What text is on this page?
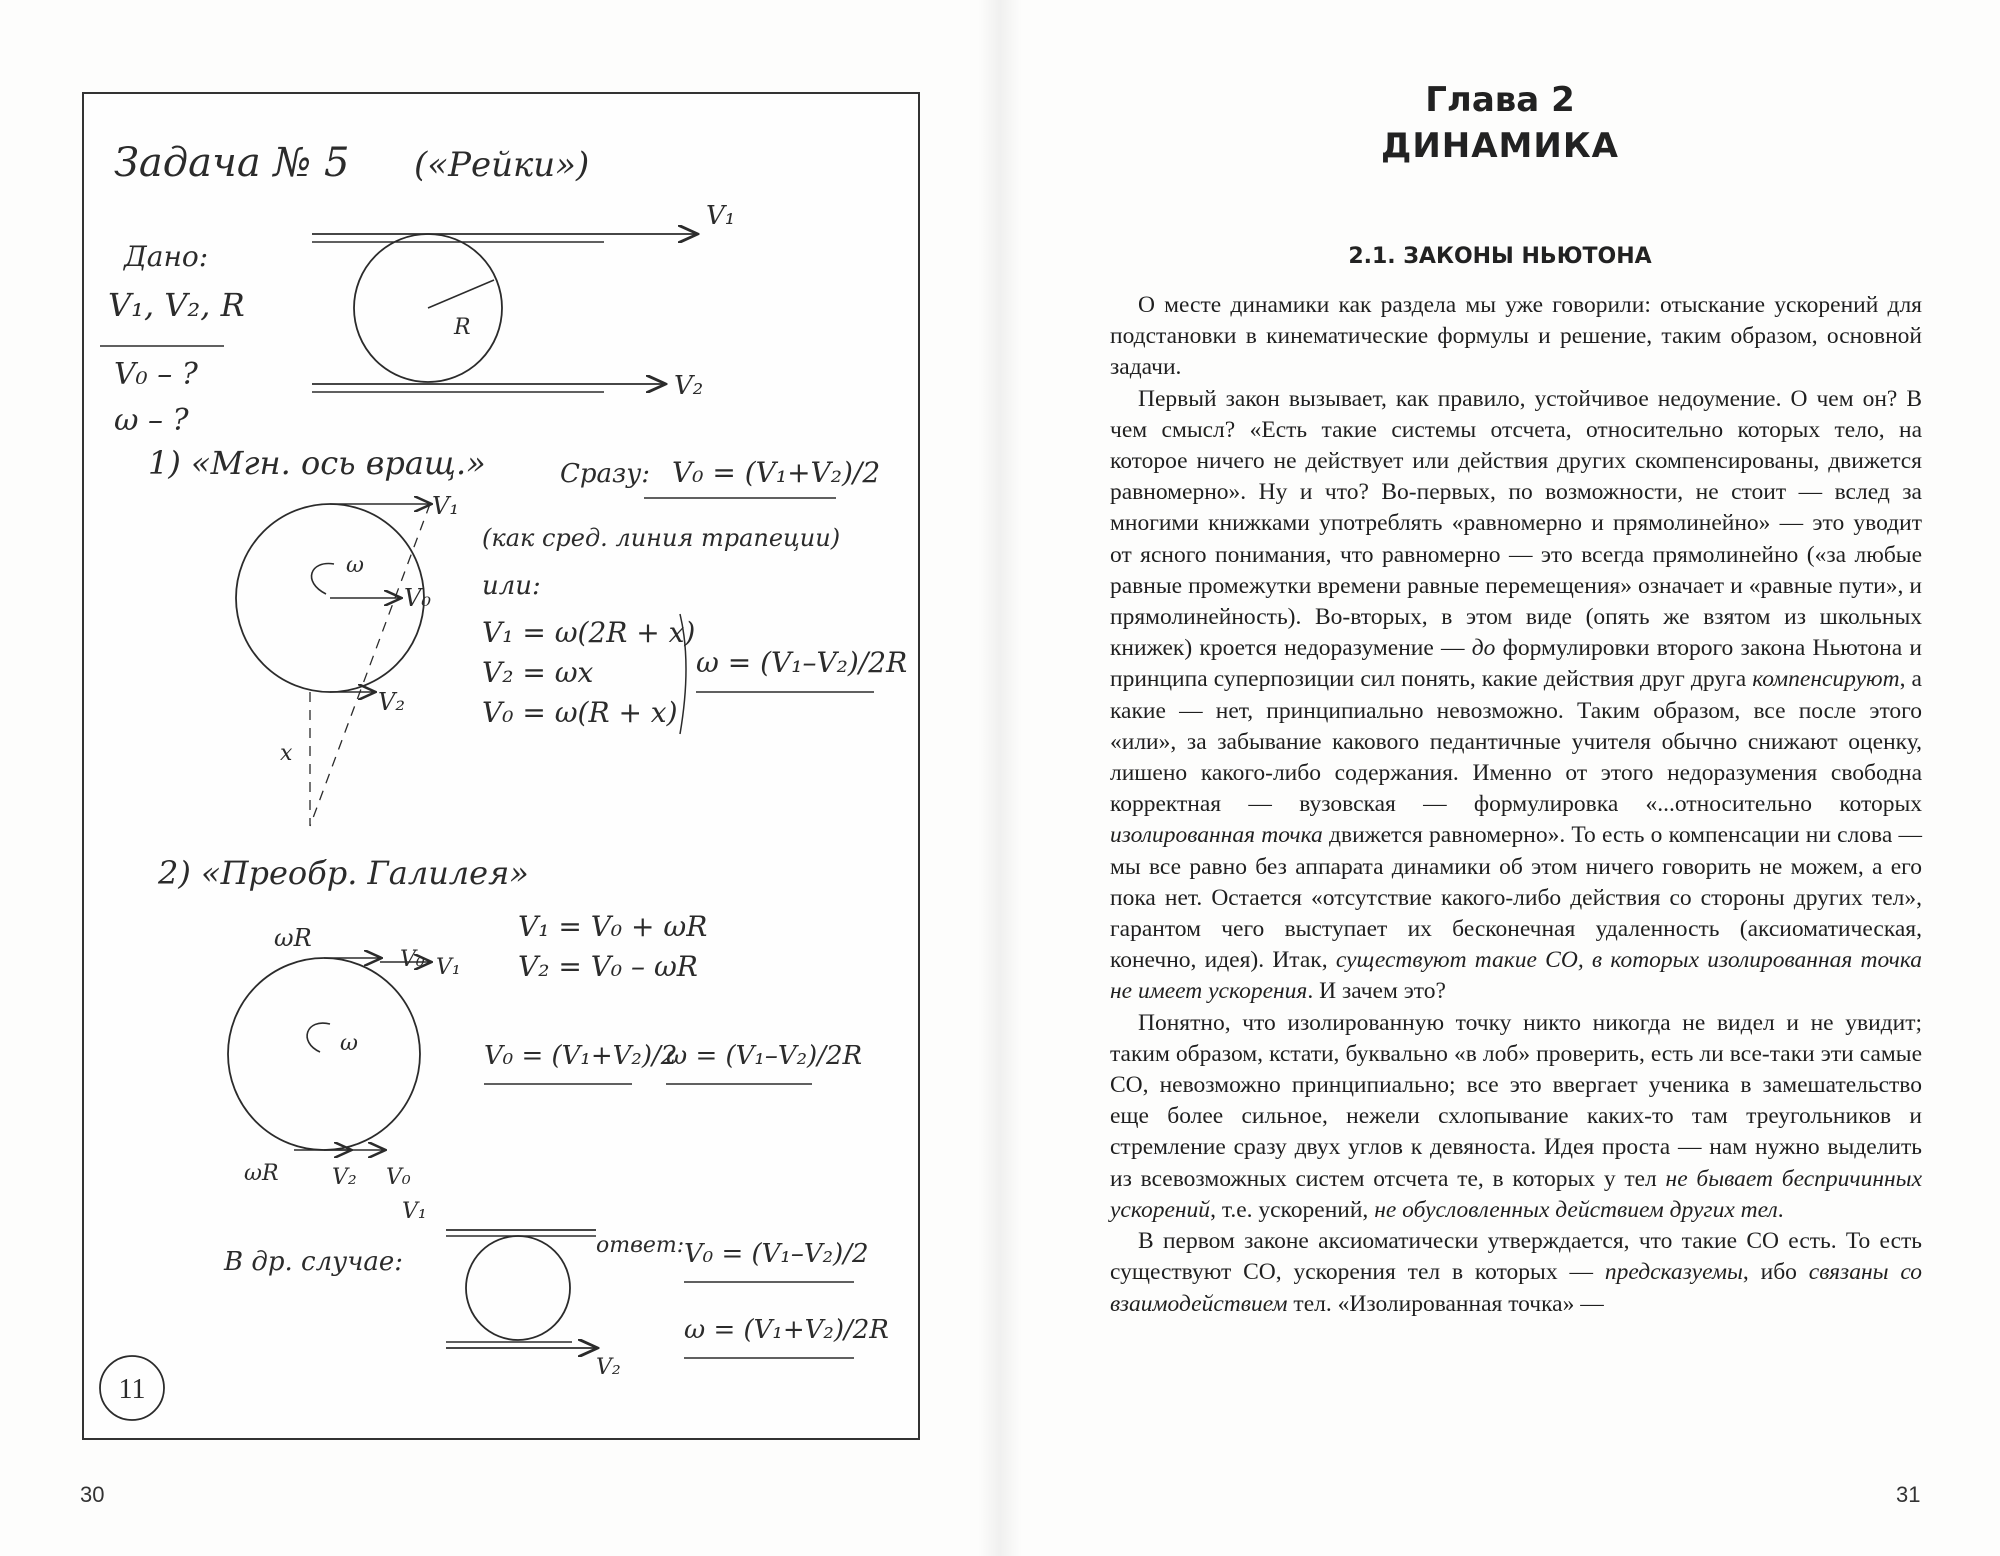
Задача № 5 («Рейки»)
Дано:
V₁, V₂, R
V₀ – ?
ω – ?
V₁
V₂
R
1) «Мгн. ось вращ.»	Сразу: V₀ = (V₁+V₂)/2
(как сред. линия трапеции)
или:
V₁
V₀
V₂
ω
x
V₁ = ω(2R + x)
V₂ = ωx
V₀ = ω(R + x)
ω = (V₁–V₂)/2R
2) «Преобр. Галилея»
ωR
V₀ V₁
ω
ωR V₂ V₀
V₁ = V₀ + ωR
V₂ = V₀ – ωR
V₀ = (V₁+V₂)/2
ω = (V₁–V₂)/2R
В др. случае:
V₁
V₂
ответ: V₀ = (V₁–V₂)/2
ω = (V₁+V₂)/2R
11
30
Глава 2
ДИНАМИКА
2.1. ЗАКОНЫ НЬЮТОНА

О месте динамики как раздела мы уже говорили: отыскание ускорений для подстановки в кинематические формулы и решение, таким образом, основной задачи.

Первый закон вызывает, как правило, устойчивое недоумение. О чем он? В чем смысл? «Есть такие системы отсчета, относительно которых тело, на которое ничего не действует или действия других скомпенсированы, движется равномерно». Ну и что? Во-первых, по возможности, не стоит — вслед за многими книжками употреблять «равномерно и прямолинейно» — это уводит от ясного понимания, что равномерно — это всегда прямолинейно («за любые равные промежутки времени равные перемещения» означает и «равные пути», и прямолинейность). Во-вторых, в этом виде (опять же взятом из школьных книжек) кроется недоразумение — до формулировки второго закона Ньютона и принципа суперпозиции сил понять, какие действия друг друга компенсируют, а какие — нет, принципиально невозможно. Таким образом, все после этого «или», за забывание какового педантичные учителя обычно снижают оценку, лишено какого-либо содержания. Именно от этого недоразумения свободна корректная — вузовская — формулировка «...относительно которых изолированная точка движется равномерно». То есть о компенсации ни слова — мы все равно без аппарата динамики об этом ничего говорить не можем, а его пока нет. Остается «отсутствие какого-либо действия со стороны других тел», гарантом чего выступает их бесконечная удаленность (аксиоматическая, конечно, идея). Итак, существуют такие СО, в которых изолированная точка не имеет ускорения. И зачем это?

Понятно, что изолированную точку никто никогда не видел и не увидит; таким образом, кстати, буквально «в лоб» проверить, есть ли все-таки эти самые СО, невозможно принципиально; все это ввергает ученика в замешательство еще более сильное, нежели схлопывание каких-то там треугольников и стремление сразу двух углов к девяноста. Идея проста — нам нужно выделить из всевозможных систем отсчета те, в которых у тел не бывает беспричинных ускорений, т.е. ускорений, не обусловленных действием других тел.

В первом законе аксиоматически утверждается, что такие СО есть. То есть существуют СО, ускорения тел в которых — предсказуемы, ибо связаны со взаимодействием тел. «Изолированная точка» —

31
